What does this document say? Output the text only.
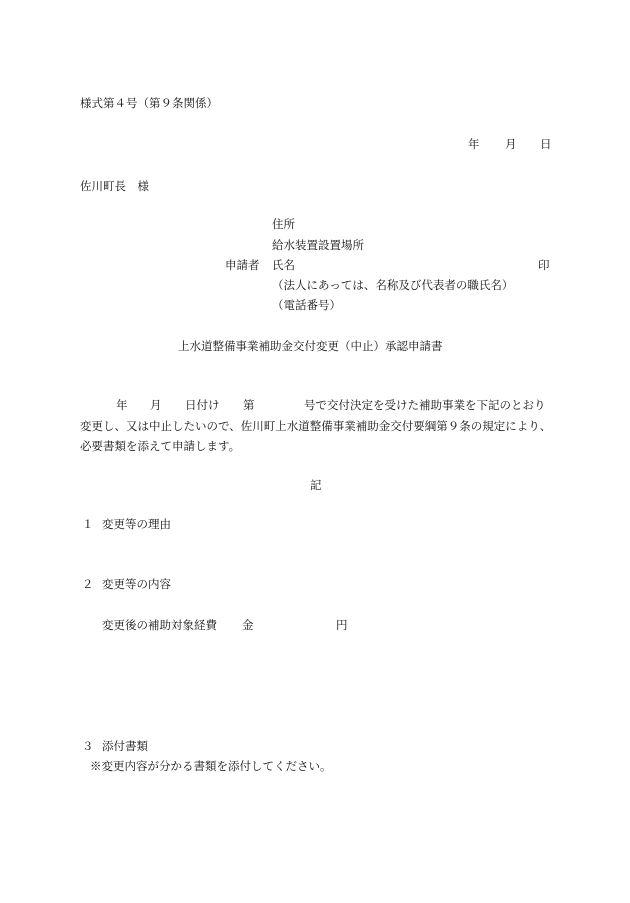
様式第４号（第９条関係）
年 月 日
佐川町長　様
住所
給水装置設置場所
申請者 氏名	印
（法人にあっては、名称及び代表者の職氏名）
（電話番号）
上水道整備事業補助金交付変更（中止）承認申請書
年 月 日付け 第	号で交付決定を受けた補助事業を下記のとおり
変更し、又は中止したいので、佐川町上水道整備事業補助金交付要綱第９条の規定により、
必要書類を添えて申請します。
記
１ 変更等の理由
２ 変更等の内容
変更後の補助対象経費 金	円
３ 添付書類
※変更内容が分かる書類を添付してください。
